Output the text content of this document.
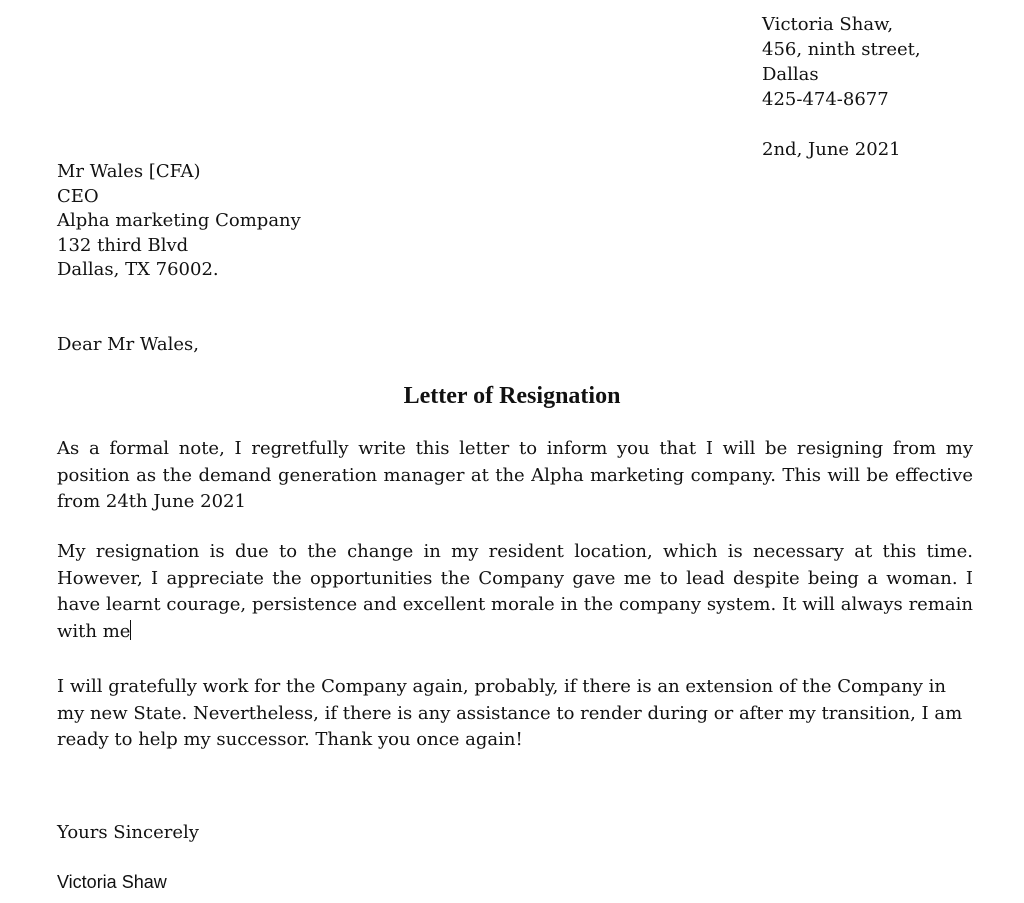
Victoria Shaw,
456, ninth street,
Dallas
425-474-8677
2nd, June 2021
Mr Wales [CFA)
CEO
Alpha marketing Company
132 third Blvd
Dallas, TX 76002.
Dear Mr Wales,
Letter of Resignation

As a formal note, I regretfully write this letter to inform you that I will be resigning from my position as the demand generation manager at the Alpha marketing company. This will be effective from 24th June 2021

My resignation is due to the change in my resident location, which is necessary at this time. However, I appreciate the opportunities the Company gave me to lead despite being a woman. I have learnt courage, persistence and excellent morale in the company system. It will always remain with me

I will gratefully work for the Company again, probably, if there is an extension of the Company in my new State. Nevertheless, if there is any assistance to render during or after my transition, I am ready to help my successor. Thank you once again!

Yours Sincerely
Victoria Shaw
